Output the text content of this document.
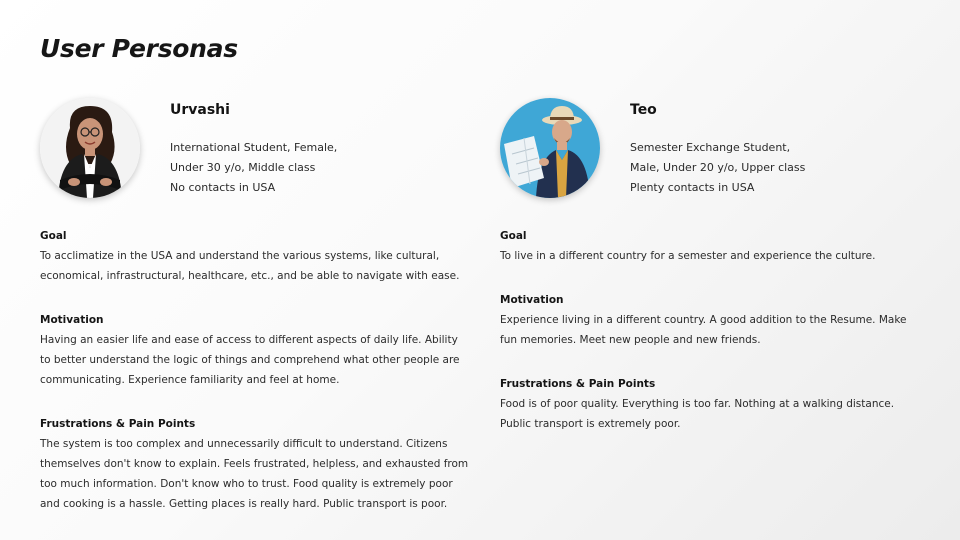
User Personas
Urvashi
International Student, Female,
Under 30 y/o, Middle class
No contacts in USA
Goal

To acclimatize in the USA and understand the various systems, like cultural, economical, infrastructural, healthcare, etc., and be able to navigate with ease.

Motivation

Having an easier life and ease of access to different aspects of daily life. Ability to better understand the logic of things and comprehend what other people are communicating. Experience familiarity and feel at home.

Frustrations & Pain Points

The system is too complex and unnecessarily difficult to understand. Citizens themselves don't know to explain. Feels frustrated, helpless, and exhausted from too much information. Don't know who to trust. Food quality is extremely poor and cooking is a hassle. Getting places is really hard. Public transport is poor.

Teo
Semester Exchange Student,
Male, Under 20 y/o, Upper class
Plenty contacts in USA
Goal

To live in a different country for a semester and experience the culture.

Motivation

Experience living in a different country. A good addition to the Resume. Make fun memories. Meet new people and new friends.

Frustrations & Pain Points

Food is of poor quality. Everything is too far. Nothing at a walking distance. Public transport is extremely poor.
